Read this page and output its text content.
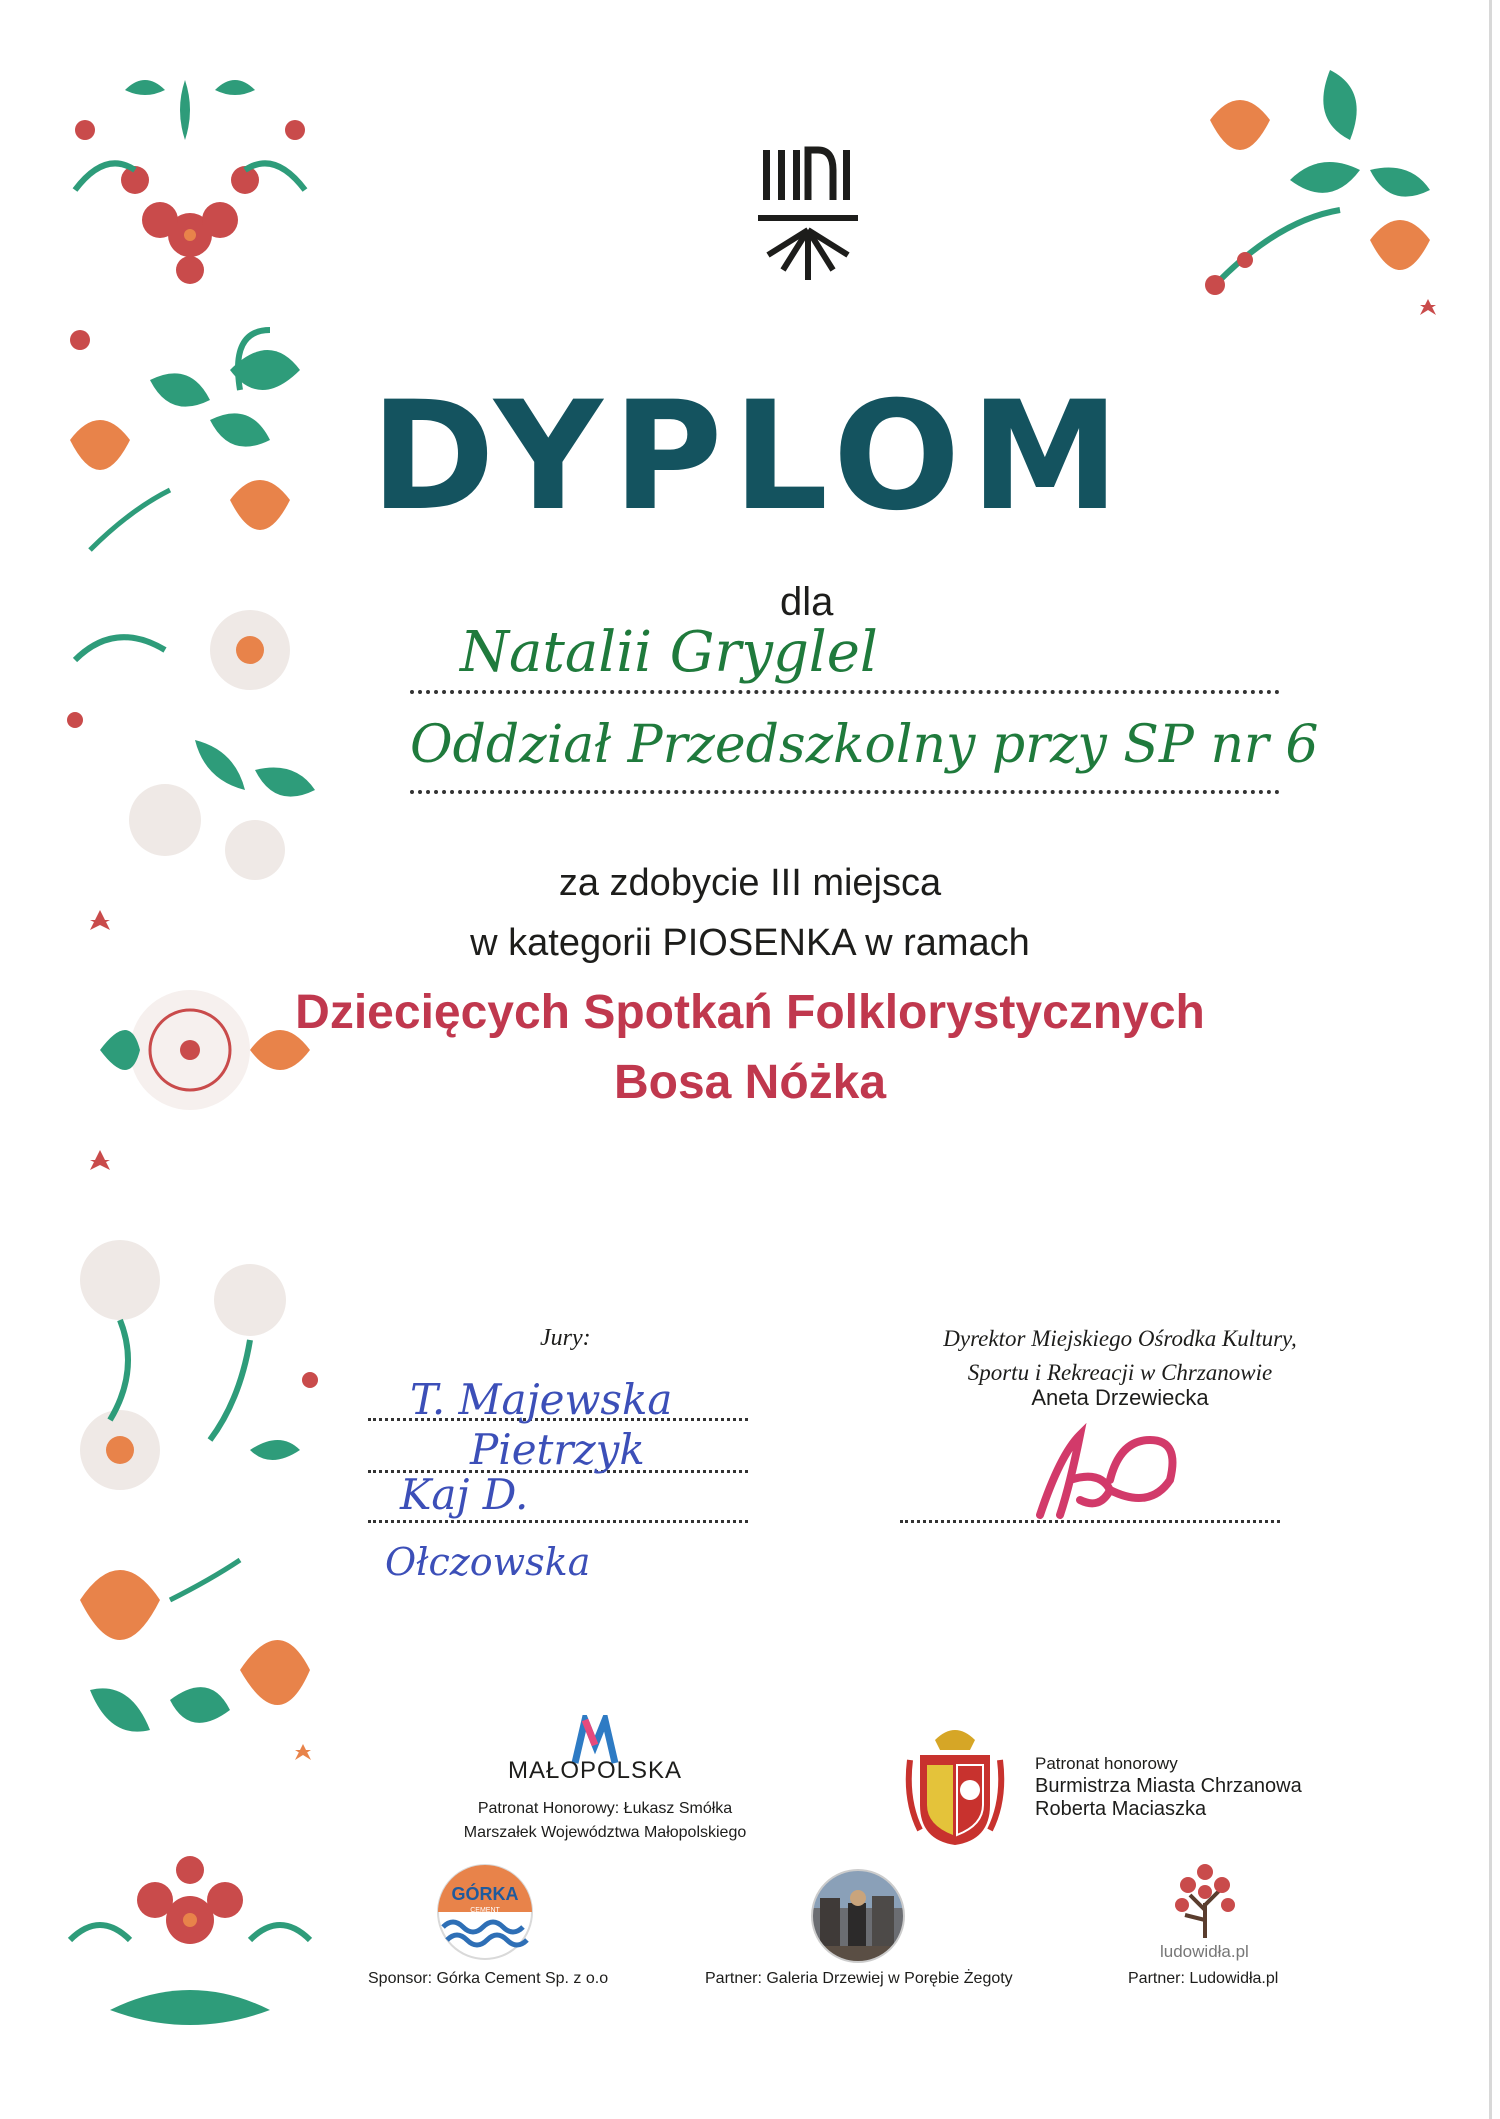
DYPLOM
dla
Natalii Gryglel
Oddział Przedszkolny przy SP nr 6
za zdobycie III miejsca
w kategorii PIOSENKA w ramach
Dziecięcych Spotkań Folklorystycznych
Bosa Nóżka
Jury:
T. Majewska
Pietrzyk
Kaj D.
Ołczowska
Dyrektor Miejskiego Ośrodka Kultury,
Sportu i Rekreacji w Chrzanowie
Aneta Drzewiecka
MAŁOPOLSKA
Patronat Honorowy: Łukasz Smółka
Marszałek Województwa Małopolskiego
Patronat honorowy
Burmistrza Miasta Chrzanowa
Roberta Maciaszka
GÓRKA
CEMENT
ludowidła.pl
Sponsor: Górka Cement Sp. z o.o	Partner: Galeria Drzewiej w Porębie Żegoty	Partner: Ludowidła.pl
